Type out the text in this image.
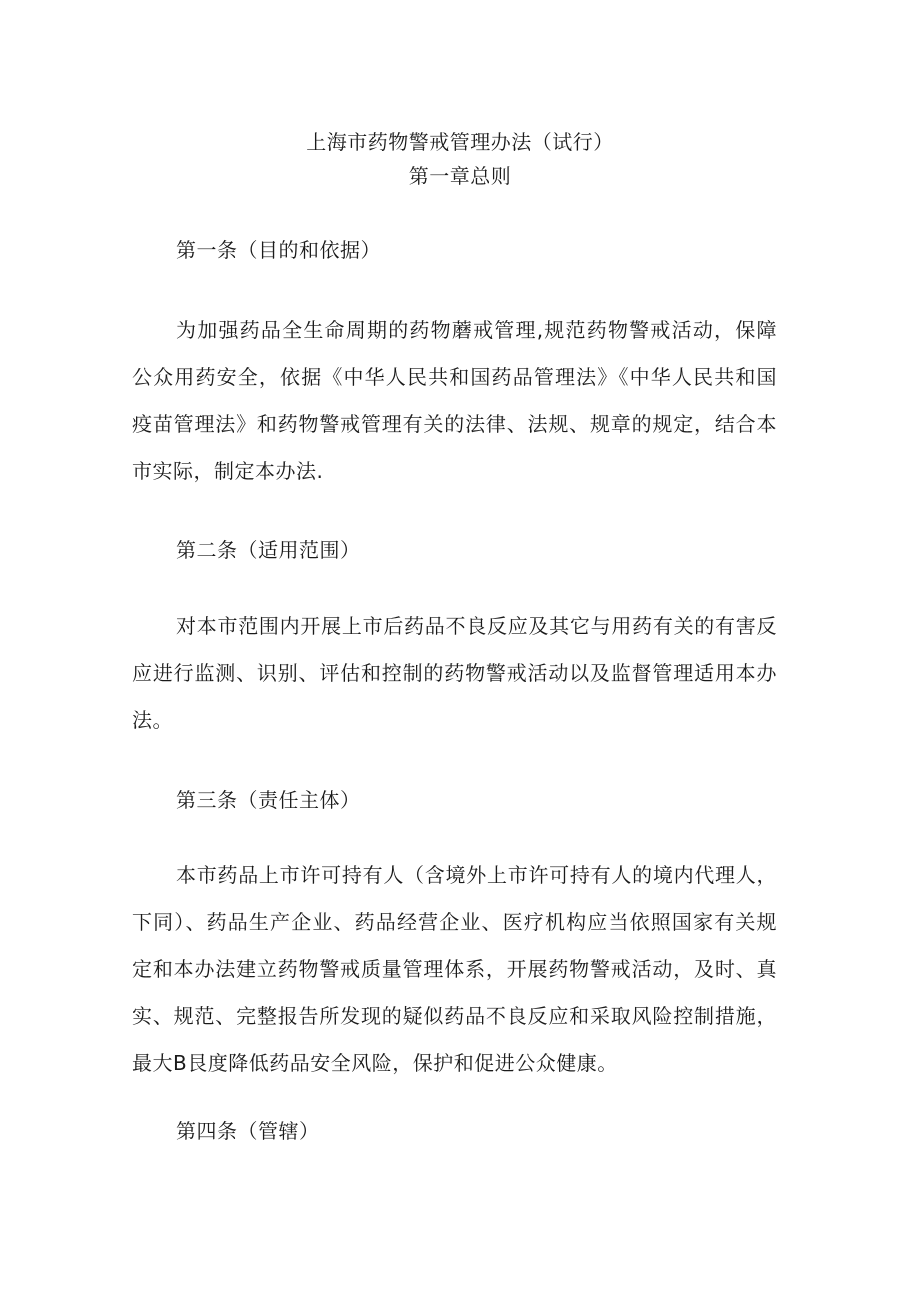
上海市药物警戒管理办法（试行）
第一章总则
第一条（目的和依据）
为加强药品全生命周期的药物蘑戒管理,规范药物警戒活动，保障公众用药安全，依据《中华人民共和国药品管理法》《中华人民共和国疫苗管理法》和药物警戒管理有关的法律、法规、规章的规定，结合本市实际，制定本办法.
第二条（适用范围）
对本市范围内开展上市后药品不良反应及其它与用药有关的有害反应进行监测、识别、评估和控制的药物警戒活动以及监督管理适用本办法。
第三条（责任主体）
本市药品上市许可持有人（含境外上市许可持有人的境内代理人，下同）、药品生产企业、药品经营企业、医疗机构应当依照国家有关规定和本办法建立药物警戒质量管理体系，开展药物警戒活动，及时、真实、规范、完整报告所发现的疑似药品不良反应和采取风险控制措施，最大B艮度降低药品安全风险，保护和促进公众健康。
第四条（管辖）
